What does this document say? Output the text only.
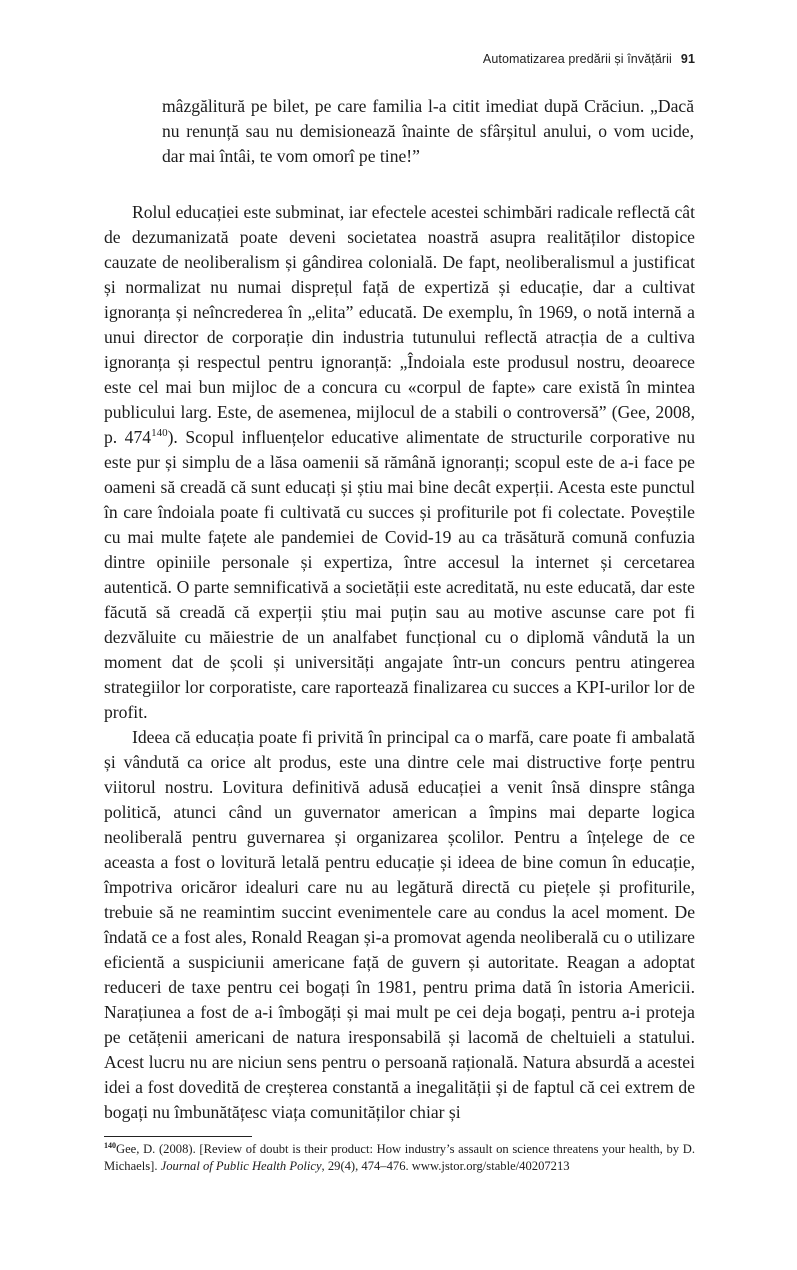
Automatizarea predării și învățării 91
mâzgălitură pe bilet, pe care familia l-a citit imediat după Crăciun. „Dacă nu renunță sau nu demisionează înainte de sfârșitul anului, o vom ucide, dar mai întâi, te vom omorî pe tine!”

Rolul educației este subminat, iar efectele acestei schimbări radicale reflectă cât de dezumanizată poate deveni societatea noastră asupra realităților distopice cauzate de neoliberalism și gândirea colonială. De fapt, neoliberalismul a justificat și normalizat nu numai disprețul față de expertiză și educație, dar a cultivat ignoranța și neîncrederea în „elita” educată. De exemplu, în 1969, o notă internă a unui director de corporație din industria tutunului reflectă atracția de a cultiva ignoranța și respectul pentru ignoranță: „Îndoiala este produsul nostru, deoarece este cel mai bun mijloc de a concura cu «corpul de fapte» care există în mintea publicului larg. Este, de asemenea, mijlocul de a stabili o controversă” (Gee, 2008, p. $474^{140}$). Scopul influențelor educative alimentate de structurile corporative nu este pur și simplu de a lăsa oamenii să rămână ignoranți; scopul este de a-i face pe oameni să creadă că sunt educați și știu mai bine decât experții. Acesta este punctul în care îndoiala poate fi cultivată cu succes și profiturile pot fi colectate. Poveștile cu mai multe fațete ale pandemiei de Covid-19 au ca trăsătură comună confuzia dintre opiniile personale și expertiza, între accesul la internet și cercetarea autentică. O parte semnificativă a societății este acreditată, nu este educată, dar este făcută să creadă că experții știu mai puțin sau au motive ascunse care pot fi dezvăluite cu măiestrie de un analfabet funcțional cu o diplomă vândută la un moment dat de școli și universități angajate într-un concurs pentru atingerea strategiilor lor corporatiste, care raportează finalizarea cu succes a KPI-urilor lor de profit.

Ideea că educația poate fi privită în principal ca o marfă, care poate fi ambalată și vândută ca orice alt produs, este una dintre cele mai distructive forțe pentru viitorul nostru. Lovitura definitivă adusă educației a venit însă dinspre stânga politică, atunci când un guvernator american a împins mai departe logica neoliberală pentru guvernarea și organizarea școlilor. Pentru a înțelege de ce aceasta a fost o lovitură letală pentru educație și ideea de bine comun în educație, împotriva oricăror idealuri care nu au legătură directă cu piețele și profiturile, trebuie să ne reamintim succint evenimentele care au condus la acel moment. De îndată ce a fost ales, Ronald Reagan și-a promovat agenda neoliberală cu o utilizare eficientă a suspiciunii americane față de guvern și autoritate. Reagan a adoptat reduceri de taxe pentru cei bogați în 1981, pentru prima dată în istoria Americii. Narațiunea a fost de a-i îmbogăți și mai mult pe cei deja bogați, pentru a-i proteja pe cetățenii americani de natura iresponsabilă și lacomă de cheltuieli a statului. Acest lucru nu are niciun sens pentru o persoană rațională. Natura absurdă a acestei idei a fost dovedită de creșterea constantă a inegalității și de faptul că cei extrem de bogați nu îmbunătățesc viața comunităților chiar și

$^{140}$Gee, D. (2008). [Review of doubt is their product: How industry’s assault on science threatens your health, by D. Michaels]. Journal of Public Health Policy, 29(4), 474–476. www.jstor.org/stable/40207213
